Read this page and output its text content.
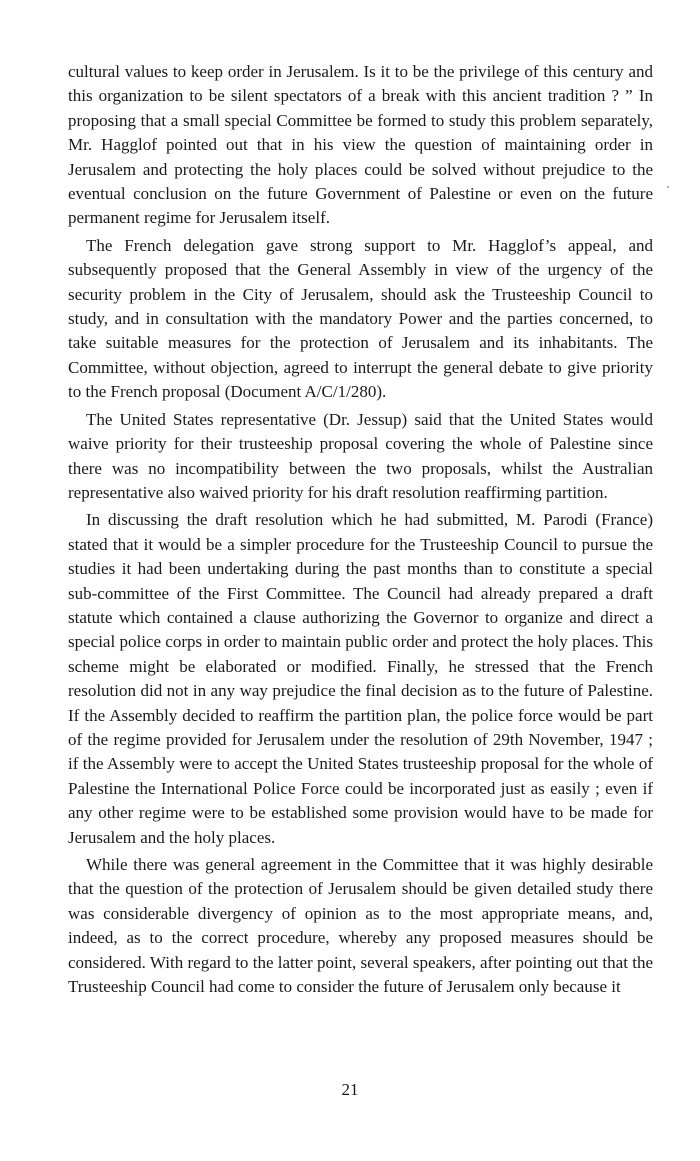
cultural values to keep order in Jerusalem. Is it to be the privilege of this century and this organization to be silent spectators of a break with this ancient tradition ? ” In proposing that a small special Committee be formed to study this problem separately, Mr. Hagglof pointed out that in his view the question of maintaining order in Jerusalem and protecting the holy places could be solved without prejudice to the eventual conclusion on the future Government of Palestine or even on the future permanent regime for Jerusalem itself.

The French delegation gave strong support to Mr. Hagglof’s appeal, and subsequently proposed that the General Assembly in view of the urgency of the security problem in the City of Jerusalem, should ask the Trusteeship Council to study, and in consultation with the mandatory Power and the parties concerned, to take suitable measures for the protection of Jerusalem and its inhabitants. The Committee, without objection, agreed to interrupt the general debate to give priority to the French proposal (Document A/C/1/280).

The United States representative (Dr. Jessup) said that the United States would waive priority for their trusteeship proposal covering the whole of Palestine since there was no incompatibility between the two proposals, whilst the Australian representative also waived priority for his draft resolution reaffirming partition.

In discussing the draft resolution which he had submitted, M. Parodi (France) stated that it would be a simpler procedure for the Trusteeship Council to pursue the studies it had been undertaking during the past months than to constitute a special sub-committee of the First Committee. The Council had already prepared a draft statute which contained a clause authorizing the Governor to organize and direct a special police corps in order to maintain public order and protect the holy places. This scheme might be elaborated or modified. Finally, he stressed that the French resolution did not in any way prejudice the final decision as to the future of Palestine. If the Assembly decided to reaffirm the partition plan, the police force would be part of the regime provided for Jerusalem under the resolution of 29th November, 1947 ; if the Assembly were to accept the United States trusteeship proposal for the whole of Palestine the International Police Force could be incorporated just as easily ; even if any other regime were to be established some provision would have to be made for Jerusalem and the holy places.

While there was general agreement in the Committee that it was highly desirable that the question of the protection of Jerusalem should be given detailed study there was considerable divergency of opinion as to the most appropriate means, and, indeed, as to the correct procedure, whereby any proposed measures should be considered. With regard to the latter point, several speakers, after pointing out that the Trusteeship Council had come to consider the future of Jerusalem only because it

21
